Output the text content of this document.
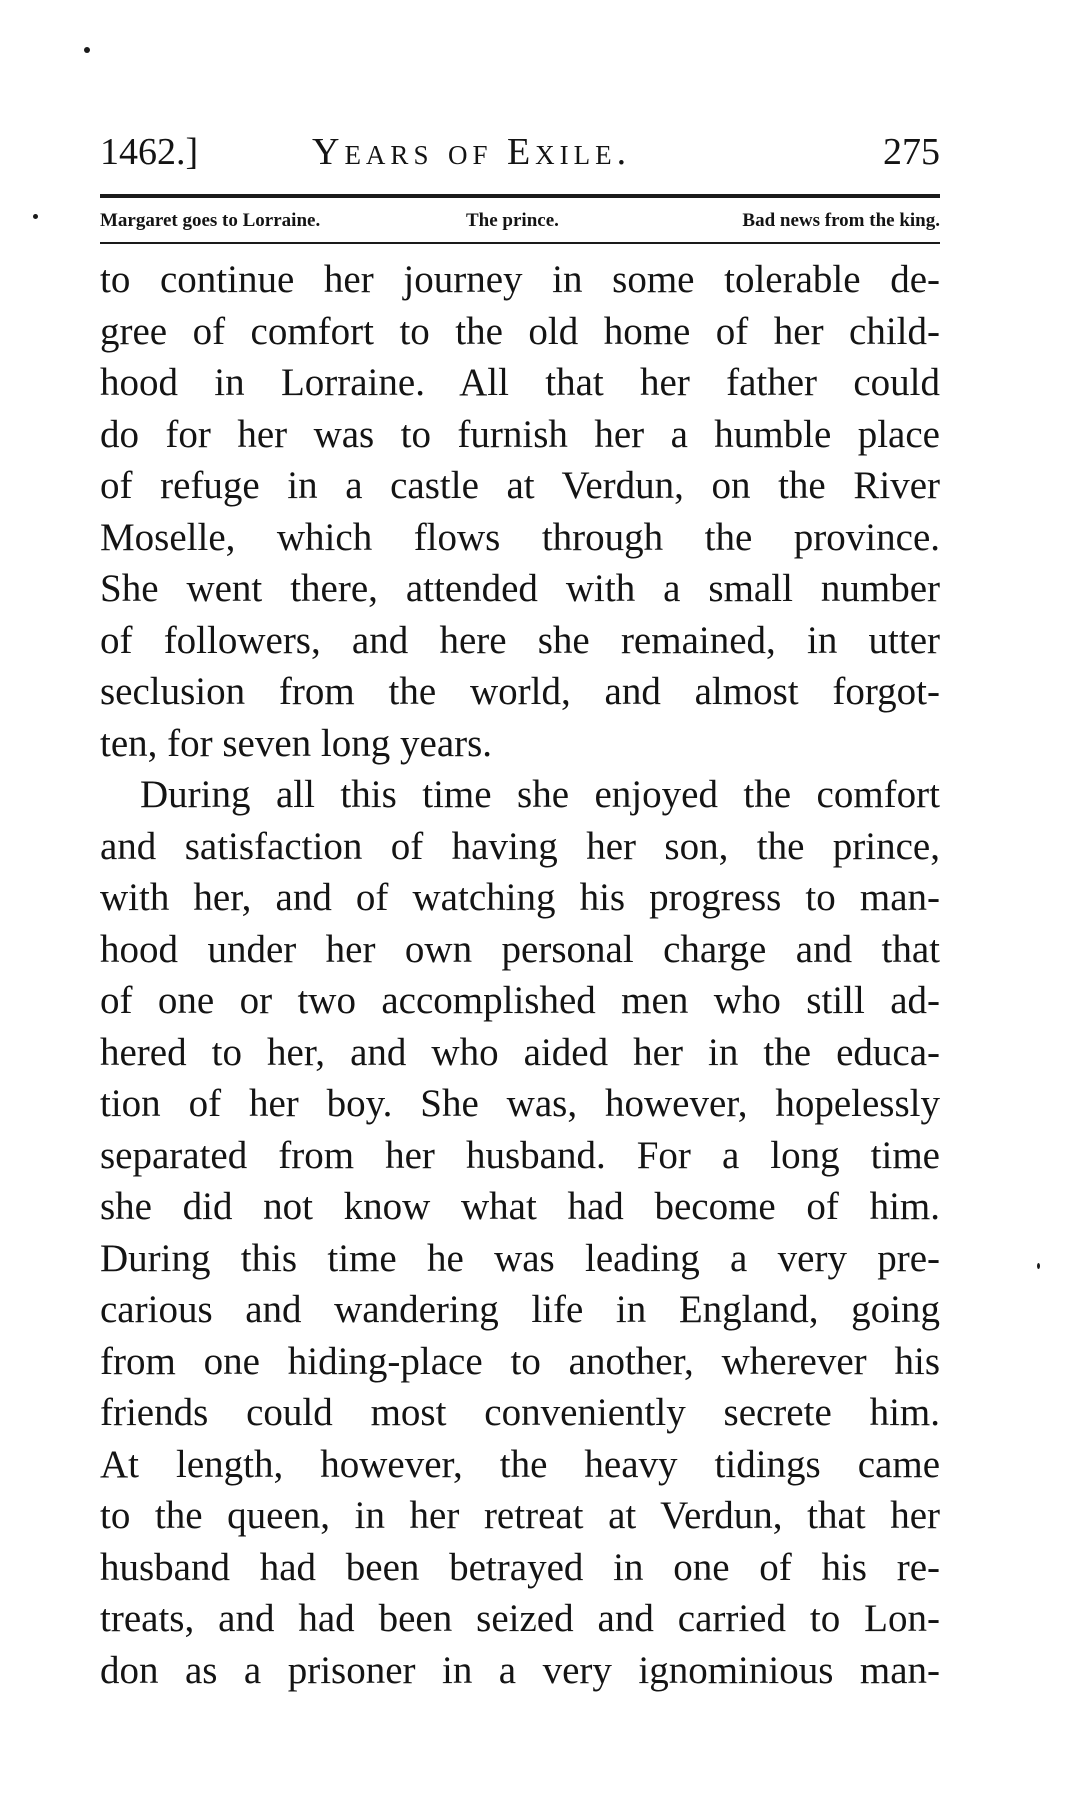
1462.]	Years of Exile.	275
Margaret goes to Lorraine.	The prince.	Bad news from the king.
to continue her journey in some tolerable de-
gree of comfort to the old home of her child-
hood in Lorraine. All that her father could
do for her was to furnish her a humble place
of refuge in a castle at Verdun, on the River
Moselle, which flows through the province.
She went there, attended with a small number
of followers, and here she remained, in utter
seclusion from the world, and almost forgot-
ten, for seven long years.
During all this time she enjoyed the comfort
and satisfaction of having her son, the prince,
with her, and of watching his progress to man-
hood under her own personal charge and that
of one or two accomplished men who still ad-
hered to her, and who aided her in the educa-
tion of her boy. She was, however, hopelessly
separated from her husband. For a long time
she did not know what had become of him.
During this time he was leading a very pre-
carious and wandering life in England, going
from one hiding-place to another, wherever his
friends could most conveniently secrete him.
At length, however, the heavy tidings came
to the queen, in her retreat at Verdun, that her
husband had been betrayed in one of his re-
treats, and had been seized and carried to Lon-
don as a prisoner in a very ignominious man-
